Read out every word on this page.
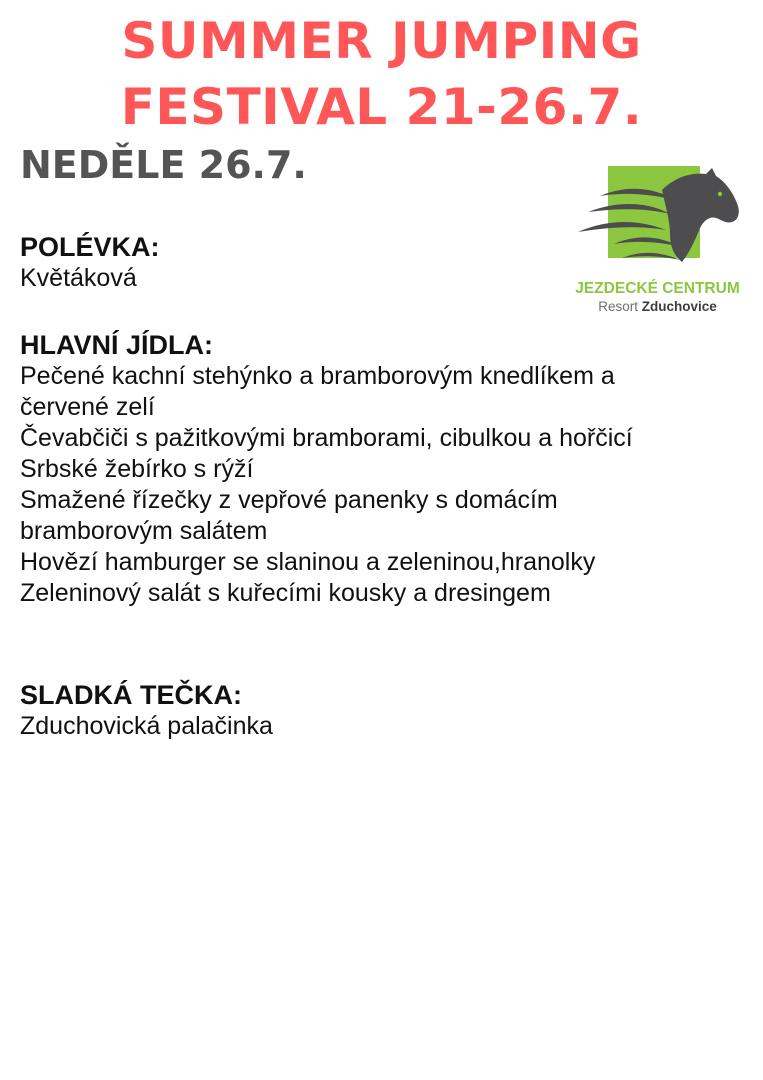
SUMMER JUMPING
FESTIVAL 21-26.7.
NEDĚLE 26.7.
JEZDECKÉ CENTRUM
Resort Zduchovice
POLÉVKA:
Květáková
HLAVNÍ JÍDLA:
Pečené kachní stehýnko a bramborovým knedlíkem a
červené zelí
Čevabčiči s pažitkovými bramborami, cibulkou a hořčicí
Srbské žebírko s rýží
Smažené řízečky z vepřové panenky s domácím
bramborovým salátem
Hovězí hamburger se slaninou a zeleninou,hranolky
Zeleninový salát s kuřecími kousky a dresingem
SLADKÁ TEČKA:
Zduchovická palačinka
